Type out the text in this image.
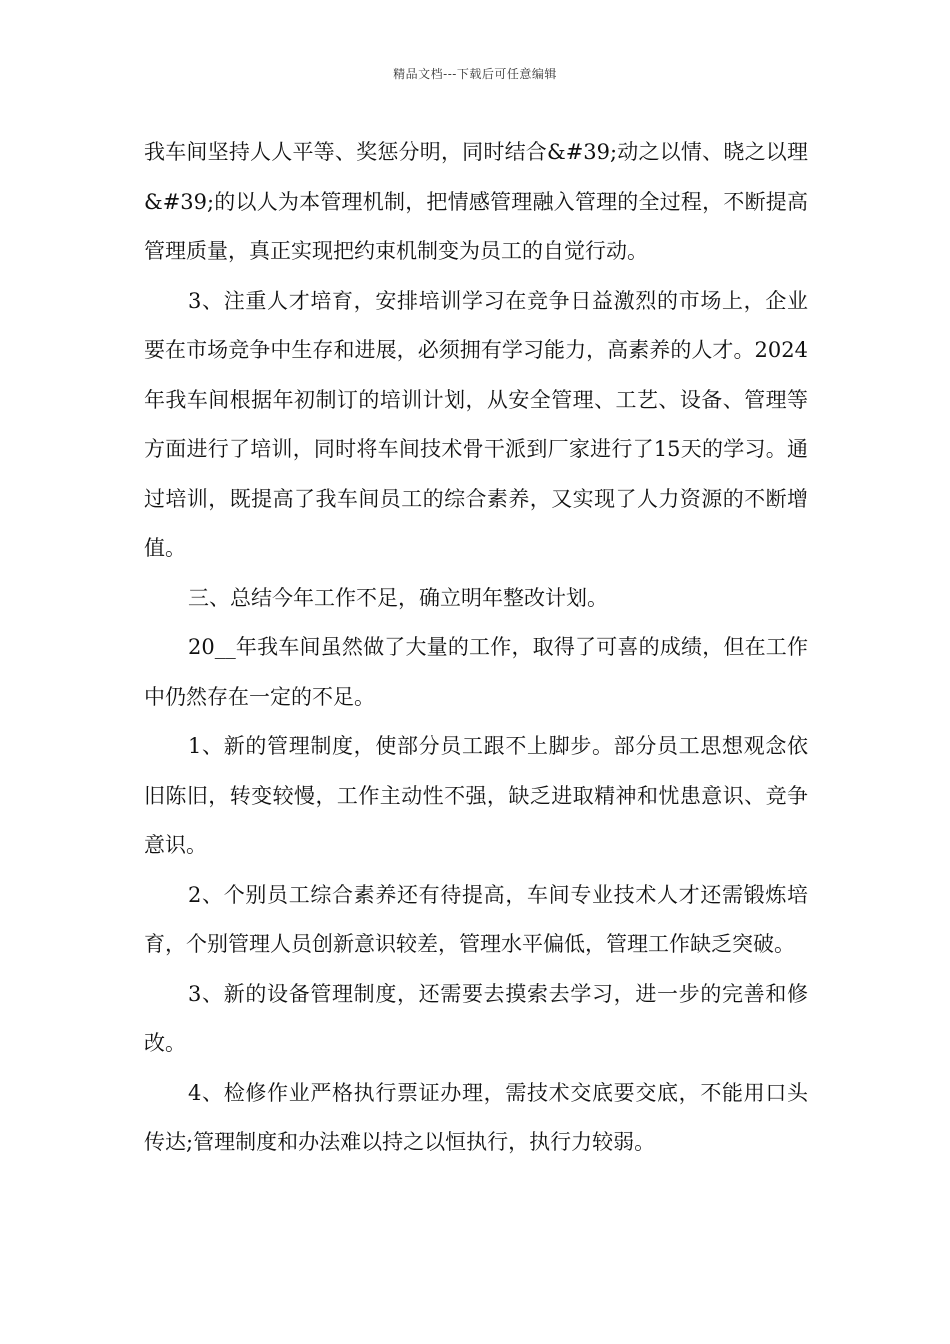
精品文档---下载后可任意编辑

我车间坚持人人平等、奖惩分明，同时结合&#39;动之以情、晓之以理&#39;的以人为本管理机制，把情感管理融入管理的全过程，不断提高管理质量，真正实现把约束机制变为员工的自觉行动。

3、注重人才培育，安排培训学习在竞争日益激烈的市场上，企业要在市场竞争中生存和进展，必须拥有学习能力，高素养的人才。2024年我车间根据年初制订的培训计划，从安全管理、工艺、设备、管理等方面进行了培训，同时将车间技术骨干派到厂家进行了15天的学习。通过培训，既提高了我车间员工的综合素养，又实现了人力资源的不断增值。

三、总结今年工作不足，确立明年整改计划。

20__年我车间虽然做了大量的工作，取得了可喜的成绩，但在工作中仍然存在一定的不足。

1、新的管理制度，使部分员工跟不上脚步。部分员工思想观念依旧陈旧，转变较慢，工作主动性不强，缺乏进取精神和忧患意识、竞争意识。

2、个别员工综合素养还有待提高，车间专业技术人才还需锻炼培育，个别管理人员创新意识较差，管理水平偏低，管理工作缺乏突破。

3、新的设备管理制度，还需要去摸索去学习，进一步的完善和修改。

4、检修作业严格执行票证办理，需技术交底要交底，不能用口头传达;管理制度和办法难以持之以恒执行，执行力较弱。
